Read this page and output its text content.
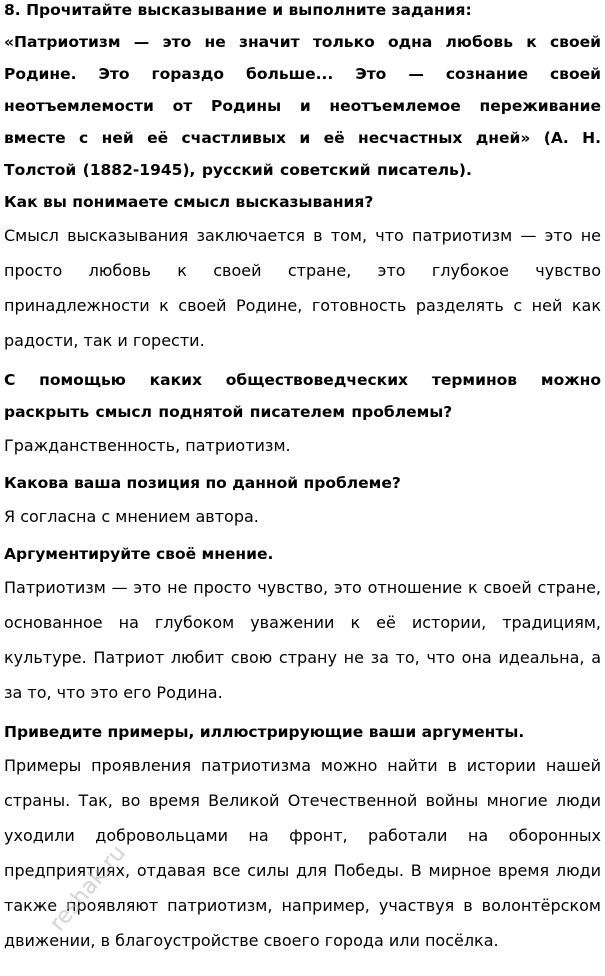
8. Прочитайте высказывание и выполните задания:

«Патриотизм — это не значит только одна любовь к своей Родине. Это гораздо больше... Это — сознание своей неотъемлемости от Родины и неотъемлемое переживание вместе с ней её счастливых и её несчастных дней» (А. Н. Толстой (1882-1945), русский советский писатель).

Как вы понимаете смысл высказывания?

Смысл высказывания заключается в том, что патриотизм — это не просто любовь к своей стране, это глубокое чувство принадлежности к своей Родине, готовность разделять с ней как радости, так и горести.

С помощью каких обществоведческих терминов можно раскрыть смысл поднятой писателем проблемы?

Гражданственность, патриотизм.

Какова ваша позиция по данной проблеме?

Я согласна с мнением автора.

Аргументируйте своё мнение.

Патриотизм — это не просто чувство, это отношение к своей стране, основанное на глубоком уважении к её истории, традициям, культуре. Патриот любит свою страну не за то, что она идеальна, а за то, что это его Родина.

Приведите примеры, иллюстрирующие ваши аргументы.

Примеры проявления патриотизма можно найти в истории нашей страны. Так, во время Великой Отечественной войны многие люди уходили добровольцами на фронт, работали на оборонных предприятиях, отдавая все силы для Победы. В мирное время люди также проявляют патриотизм, например, участвуя в волонтёрском движении, в благоустройстве своего города или посёлка.

reshak.ru
